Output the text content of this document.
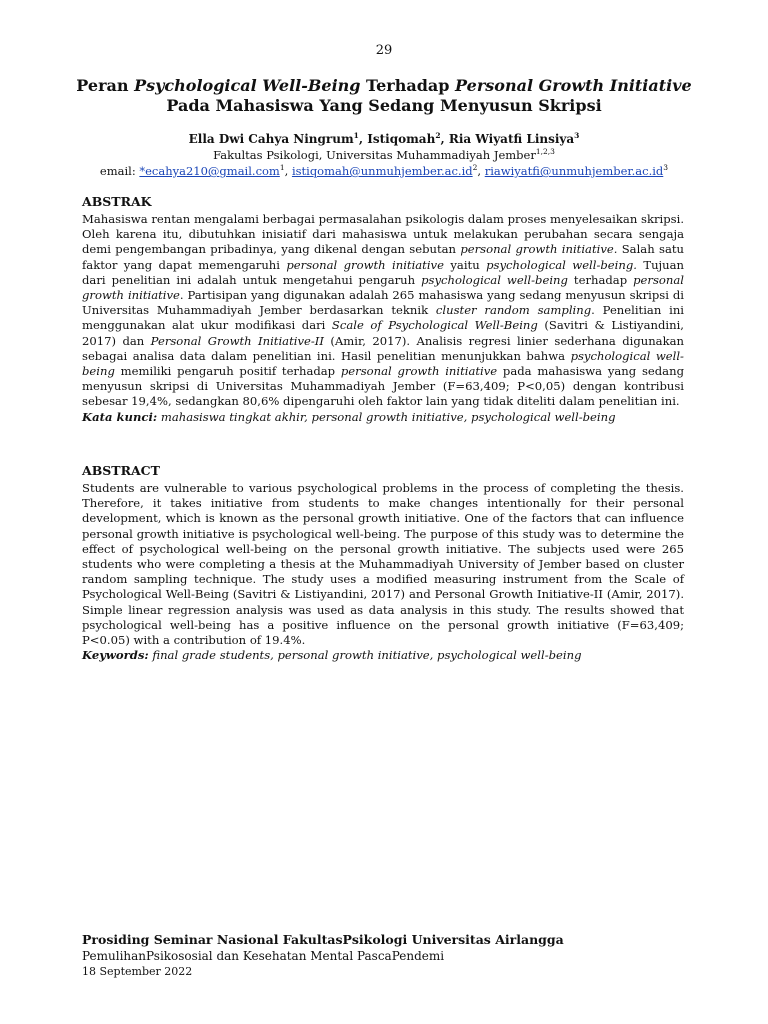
29
Peran Psychological Well-Being Terhadap Personal Growth Initiative
Pada Mahasiswa Yang Sedang Menyusun Skripsi
Ella Dwi Cahya Ningrum$^1$, Istiqomah$^2$, Ria Wiyatfi Linsiya$^3$
Fakultas Psikologi, Universitas Muhammadiyah Jember$^{1,2,3}$
email: *ecahya210@gmail.com$^1$, $istiqomah@unmuhjember.ac.id^2$, $riawiyatfi@unmuhjember.ac.id^3$
ABSTRAK

Mahasiswa rentan mengalami berbagai permasalahan psikologis dalam proses menyelesaikan skripsi. Oleh karena itu, dibutuhkan inisiatif dari mahasiswa untuk melakukan perubahan secara sengaja demi pengembangan pribadinya, yang dikenal dengan sebutan personal growth initiative. Salah satu faktor yang dapat memengaruhi personal growth initiative yaitu psychological well-being. Tujuan dari penelitian ini adalah untuk mengetahui pengaruh psychological well-being terhadap personal growth initiative. Partisipan yang digunakan adalah 265 mahasiswa yang sedang menyusun skripsi di Universitas Muhammadiyah Jember berdasarkan teknik cluster random sampling. Penelitian ini menggunakan alat ukur modifikasi dari Scale of Psychological Well-Being (Savitri & Listiyandini, 2017) dan Personal Growth Initiative-II (Amir, 2017). Analisis regresi linier sederhana digunakan sebagai analisa data dalam penelitian ini. Hasil penelitian menunjukkan bahwa psychological well-being memiliki pengaruh positif terhadap personal growth initiative pada mahasiswa yang sedang menyusun skripsi di Universitas Muhammadiyah Jember (F=63,409; P<0,05) dengan kontribusi sebesar 19,4%, sedangkan 80,6% dipengaruhi oleh faktor lain yang tidak diteliti dalam penelitian ini.

Kata kunci: mahasiswa tingkat akhir, personal growth initiative, psychological well-being

ABSTRACT

Students are vulnerable to various psychological problems in the process of completing the thesis. Therefore, it takes initiative from students to make changes intentionally for their personal development, which is known as the personal growth initiative. One of the factors that can influence personal growth initiative is psychological well-being. The purpose of this study was to determine the effect of psychological well-being on the personal growth initiative. The subjects used were 265 students who were completing a thesis at the Muhammadiyah University of Jember based on cluster random sampling technique. The study uses a modified measuring instrument from the Scale of Psychological Well-Being (Savitri & Listiyandini, 2017) and Personal Growth Initiative-II (Amir, 2017). Simple linear regression analysis was used as data analysis in this study. The results showed that psychological well-being has a positive influence on the personal growth initiative (F=63,409; P<0.05) with a contribution of 19.4%.

Keywords: final grade students, personal growth initiative, psychological well-being

Prosiding Seminar Nasional FakultasPsikologi Universitas Airlangga
PemulihanPsikososial dan Kesehatan Mental PascaPendemi
18 September 2022
